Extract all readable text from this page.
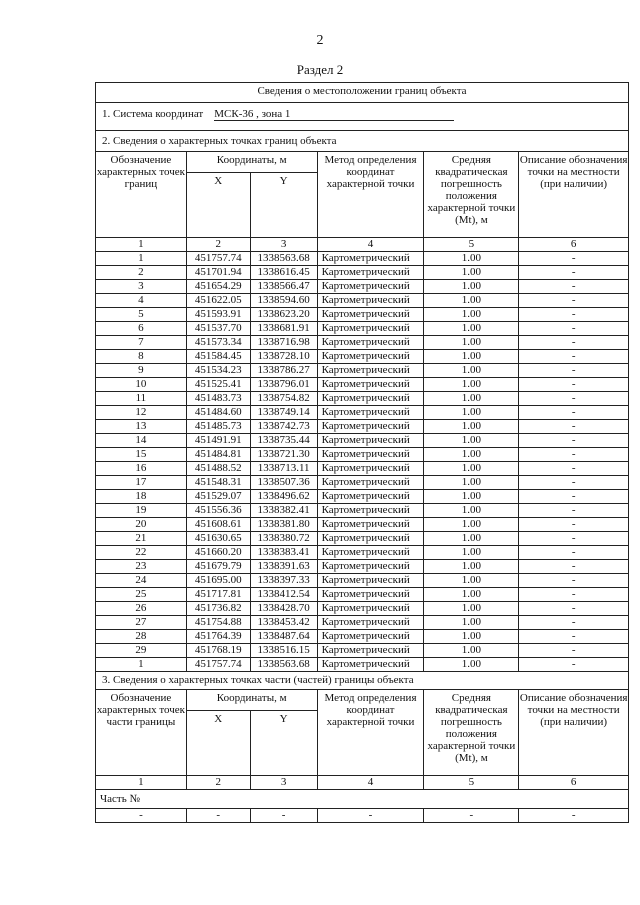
2
Раздел 2
Сведения о местоположении границ объекта					
1. Система координат МСК-36 , зона 1					
2. Сведения о характерных точках границ объекта					
Обозначение характерных точек границ	Координаты, м		Метод определения координат характерной точки	Средняя квадратическая погрешность положения характерной точки (Mt), м	Описание обозначения точки на местности (при наличии)
	X	Y			
1	2	3	4	5	6
1	451757.74	1338563.68	Картометрический	1.00	-
2	451701.94	1338616.45	Картометрический	1.00	-
3	451654.29	1338566.47	Картометрический	1.00	-
4	451622.05	1338594.60	Картометрический	1.00	-
5	451593.91	1338623.20	Картометрический	1.00	-
6	451537.70	1338681.91	Картометрический	1.00	-
7	451573.34	1338716.98	Картометрический	1.00	-
8	451584.45	1338728.10	Картометрический	1.00	-
9	451534.23	1338786.27	Картометрический	1.00	-
10	451525.41	1338796.01	Картометрический	1.00	-
11	451483.73	1338754.82	Картометрический	1.00	-
12	451484.60	1338749.14	Картометрический	1.00	-
13	451485.73	1338742.73	Картометрический	1.00	-
14	451491.91	1338735.44	Картометрический	1.00	-
15	451484.81	1338721.30	Картометрический	1.00	-
16	451488.52	1338713.11	Картометрический	1.00	-
17	451548.31	1338507.36	Картометрический	1.00	-
18	451529.07	1338496.62	Картометрический	1.00	-
19	451556.36	1338382.41	Картометрический	1.00	-
20	451608.61	1338381.80	Картометрический	1.00	-
21	451630.65	1338380.72	Картометрический	1.00	-
22	451660.20	1338383.41	Картометрический	1.00	-
23	451679.79	1338391.63	Картометрический	1.00	-
24	451695.00	1338397.33	Картометрический	1.00	-
25	451717.81	1338412.54	Картометрический	1.00	-
26	451736.82	1338428.70	Картометрический	1.00	-
27	451754.88	1338453.42	Картометрический	1.00	-
28	451764.39	1338487.64	Картометрический	1.00	-
29	451768.19	1338516.15	Картометрический	1.00	-
1	451757.74	1338563.68	Картометрический	1.00	-
3. Сведения о характерных точках части (частей) границы объекта					
Обозначение характерных точек части границы	Координаты, м		Метод определения координат характерной точки	Средняя квадратическая погрешность положения характерной точки (Mt), м	Описание обозначения точки на местности (при наличии)
	X	Y			
1	2	3	4	5	6
Часть №					
-	-	-	-	-	-
